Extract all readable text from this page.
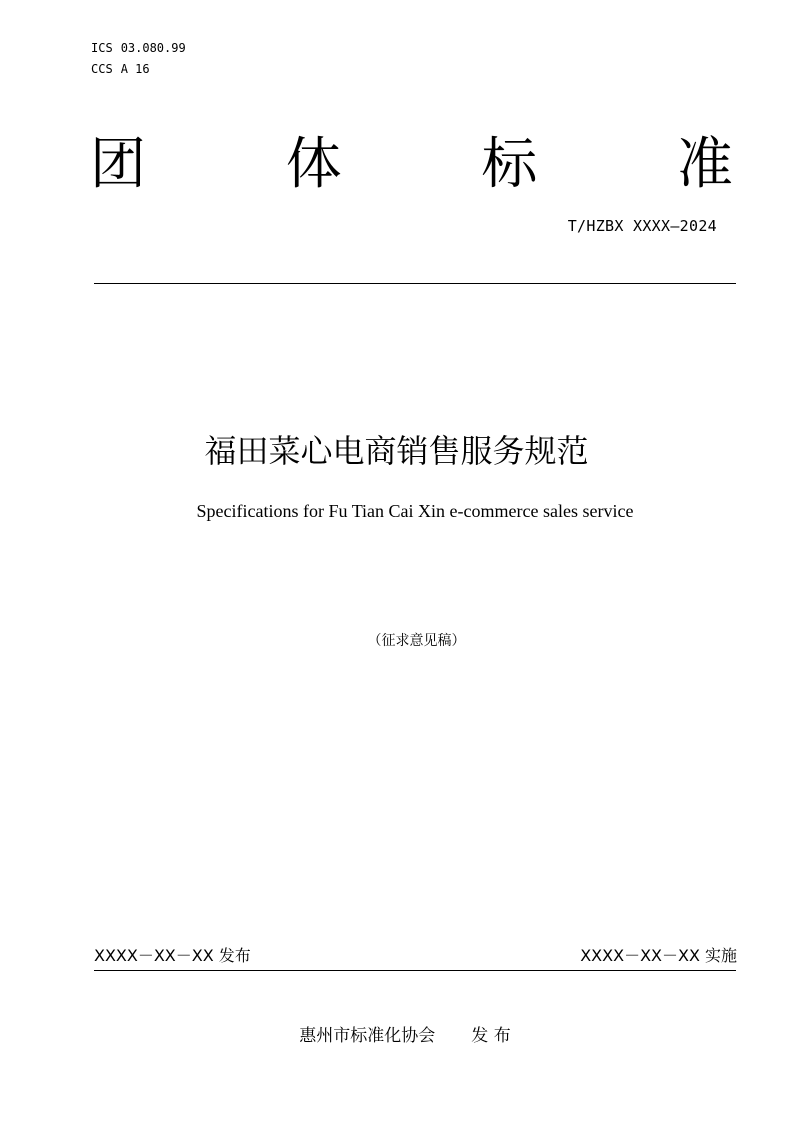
ICS 03.080.99
CCS A 16
团 体 标 准
T/HZBX XXXX—2024
福田菜心电商销售服务规范
Specifications for Fu Tian Cai Xin e-commerce sales service
（征求意见稿）
XXXX－XX－XX 发布	XXXX－XX－XX 实施
惠州市标准化协会 发 布
